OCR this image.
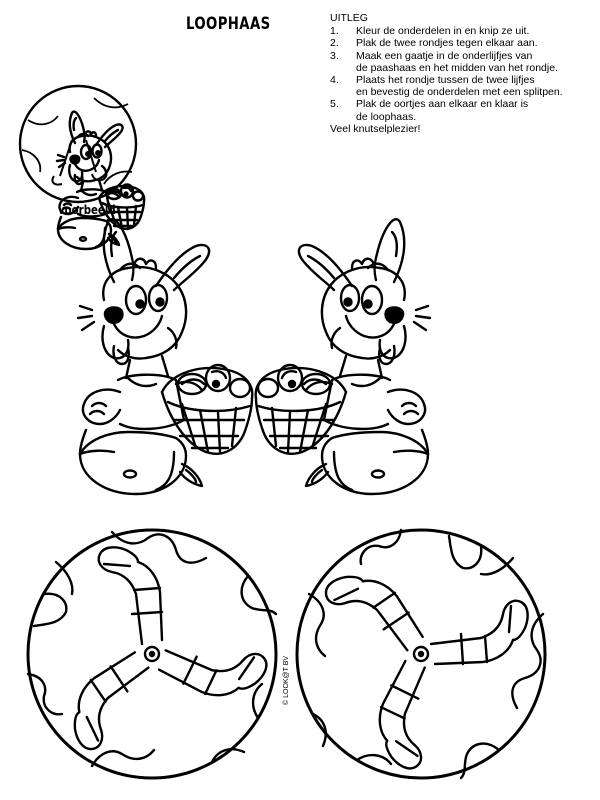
LOOPHAAS	UITLEG
1.	Kleur de onderdelen in en knip ze uit.
2.	Plak de twee rondjes tegen elkaar aan.
3.	Maak een gaatje in de onderlijfjes van
de paashaas en het midden van het rondje.
4.	Plaats het rondje tussen de twee lijfjes
en bevestig de onderdelen met een splitpen.
5.	Plak de oortjes aan elkaar en klaar is
de loophaas.
Veel knutselplezier!
voorbeeld
© LOOK@T BV
